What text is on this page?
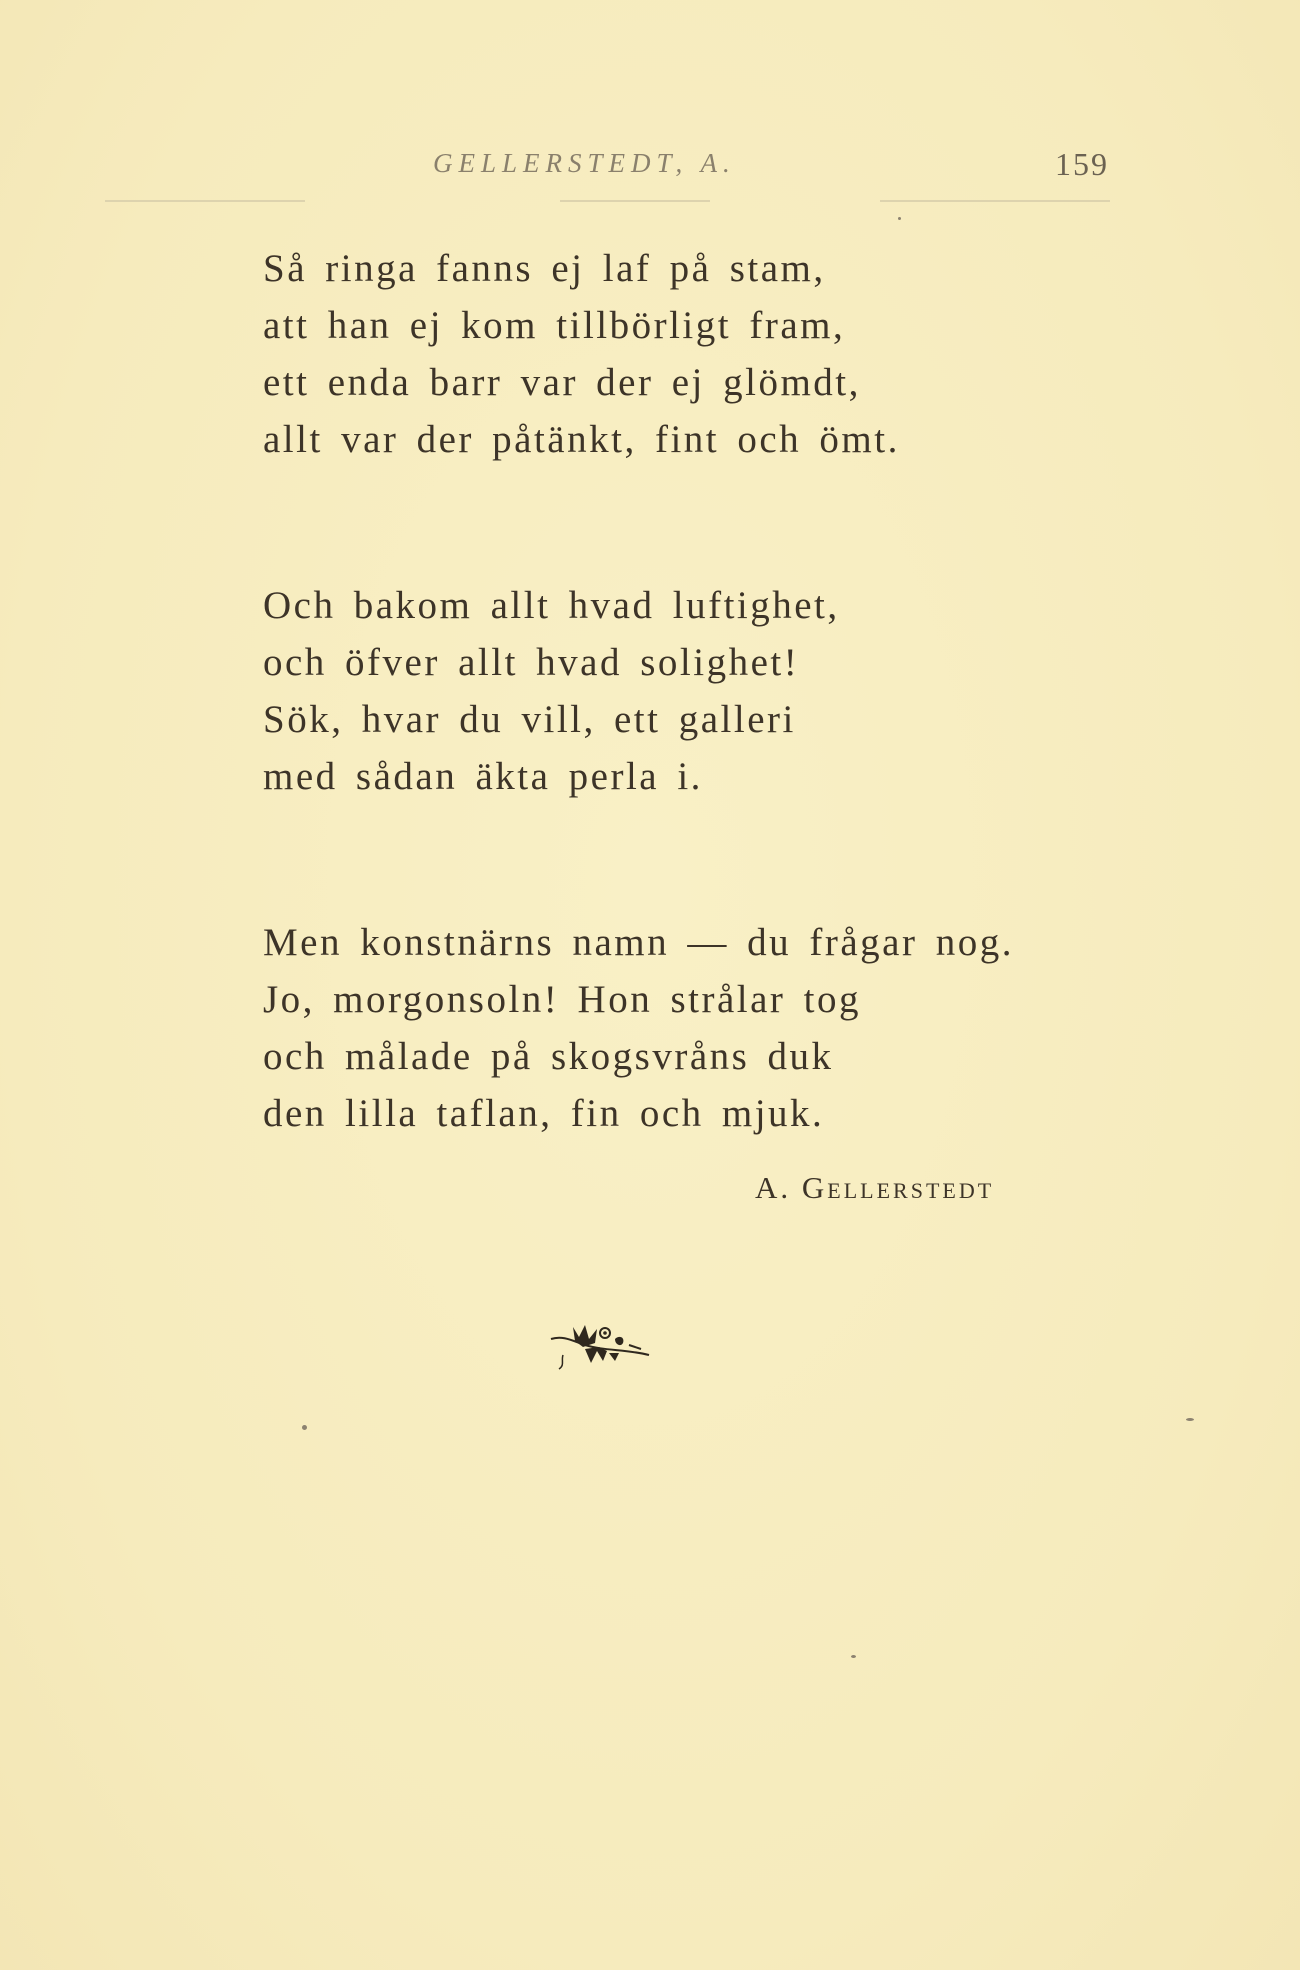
GELLERSTEDT, A.	159
Så ringa fanns ej laf på stam,
att han ej kom tillbörligt fram,
ett enda barr var der ej glömdt,
allt var der påtänkt, fint och ömt.
Och bakom allt hvad luftighet,
och öfver allt hvad solighet!
Sök, hvar du vill, ett galleri
med sådan äkta perla i.
Men konstnärns namn — du frågar nog.
Jo, morgonsoln! Hon strålar tog
och målade på skogsvråns duk
den lilla taflan, fin och mjuk.
A. Gellerstedt
